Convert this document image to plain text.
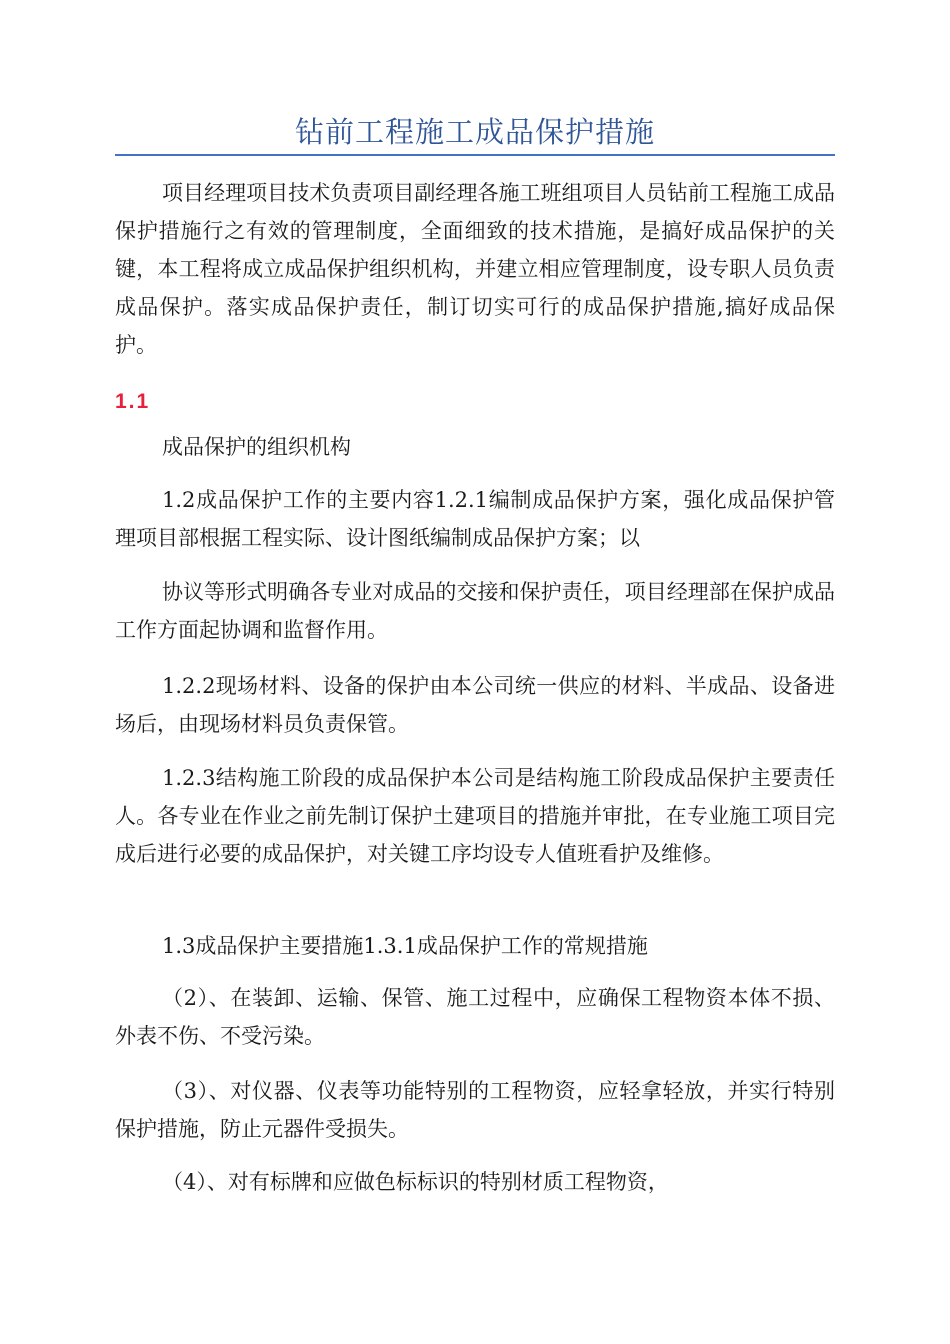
钻前工程施工成品保护措施

项目经理项目技术负责项目副经理各施工班组项目人员钻前工程施工成品保护措施行之有效的管理制度，全面细致的技术措施，是搞好成品保护的关键，本工程将成立成品保护组织机构，并建立相应管理制度，设专职人员负责成品保护。落实成品保护责任，制订切实可行的成品保护措施,搞好成品保护。

1.1

成品保护的组织机构

1.2成品保护工作的主要内容1.2.1编制成品保护方案，强化成品保护管理项目部根据工程实际、设计图纸编制成品保护方案；以

协议等形式明确各专业对成品的交接和保护责任，项目经理部在保护成品工作方面起协调和监督作用。

1.2.2现场材料、设备的保护由本公司统一供应的材料、半成品、设备进场后，由现场材料员负责保管。

1.2.3结构施工阶段的成品保护本公司是结构施工阶段成品保护主要责任人。各专业在作业之前先制订保护土建项目的措施并审批，在专业施工项目完成后进行必要的成品保护，对关键工序均设专人值班看护及维修。

1.3成品保护主要措施1.3.1成品保护工作的常规措施

（2）、在装卸、运输、保管、施工过程中，应确保工程物资本体不损、外表不伤、不受污染。

（3）、对仪器、仪表等功能特别的工程物资，应轻拿轻放，并实行特别保护措施，防止元器件受损失。

（4）、对有标牌和应做色标标识的特别材质工程物资，
